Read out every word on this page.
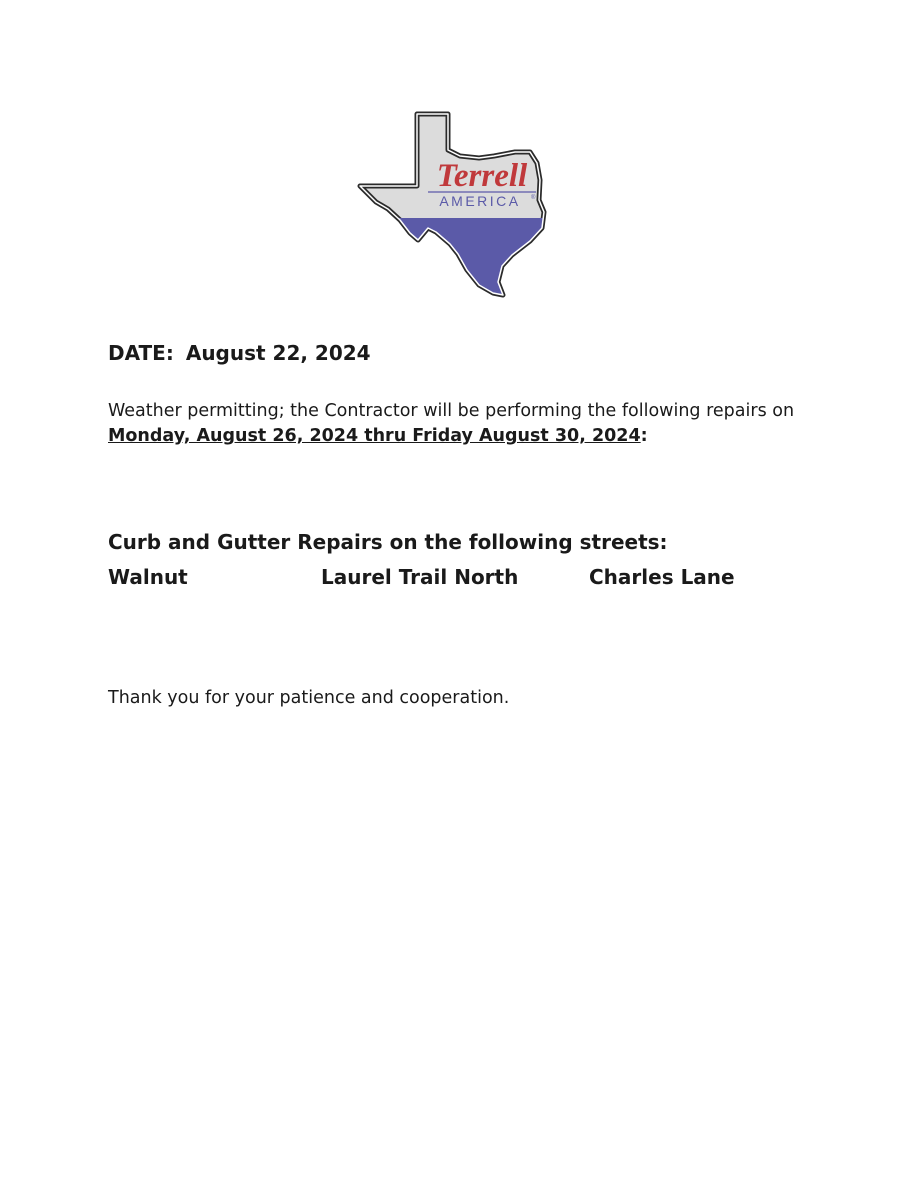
Terrell
AMERICA ®

DATE: August 22, 2024

Weather permitting; the Contractor will be performing the following repairs on Monday, August 26, 2024 thru Friday August 30, 2024:

Curb and Gutter Repairs on the following streets:

Walnut	Laurel Trail North	Charles Lane

Thank you for your patience and cooperation.
